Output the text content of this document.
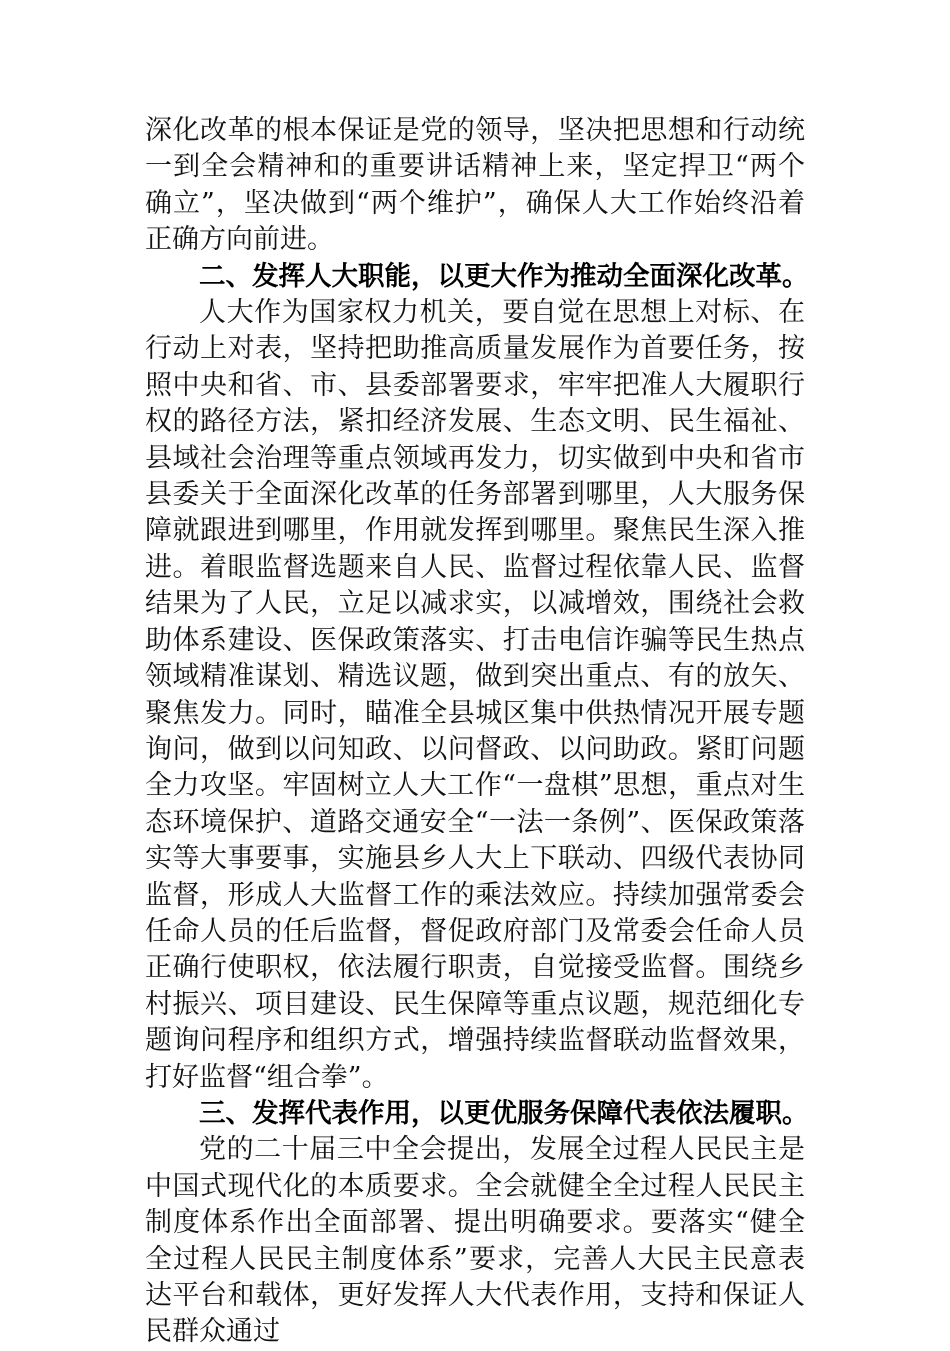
深化改革的根本保证是党的领导，坚决把思想和行动统一到全会精神和的重要讲话精神上来，坚定捍卫“两个确立”，坚决做到“两个维护”，确保人大工作始终沿着正确方向前进。

二、发挥人大职能，以更大作为推动全面深化改革。

人大作为国家权力机关，要自觉在思想上对标、在行动上对表，坚持把助推高质量发展作为首要任务，按照中央和省、市、县委部署要求，牢牢把准人大履职行权的路径方法，紧扣经济发展、生态文明、民生福祉、县域社会治理等重点领域再发力，切实做到中央和省市县委关于全面深化改革的任务部署到哪里，人大服务保障就跟进到哪里，作用就发挥到哪里。聚焦民生深入推进。着眼监督选题来自人民、监督过程依靠人民、监督结果为了人民，立足以减求实，以减增效，围绕社会救助体系建设、医保政策落实、打击电信诈骗等民生热点领域精准谋划、精选议题，做到突出重点、有的放矢、聚焦发力。同时，瞄准全县城区集中供热情况开展专题询问，做到以问知政、以问督政、以问助政。紧盯问题全力攻坚。牢固树立人大工作“一盘棋”思想，重点对生态环境保护、道路交通安全“一法一条例”、医保政策落实等大事要事，实施县乡人大上下联动、四级代表协同监督，形成人大监督工作的乘法效应。持续加强常委会任命人员的任后监督，督促政府部门及常委会任命人员正确行使职权，依法履行职责，自觉接受监督。围绕乡村振兴、项目建设、民生保障等重点议题，规范细化专题询问程序和组织方式，增强持续监督联动监督效果，打好监督“组合拳”。

三、发挥代表作用，以更优服务保障代表依法履职。

党的二十届三中全会提出，发展全过程人民民主是中国式现代化的本质要求。全会就健全全过程人民民主制度体系作出全面部署、提出明确要求。要落实“健全全过程人民民主制度体系”要求，完善人大民主民意表达平台和载体，更好发挥人大代表作用，支持和保证人民群众通过
